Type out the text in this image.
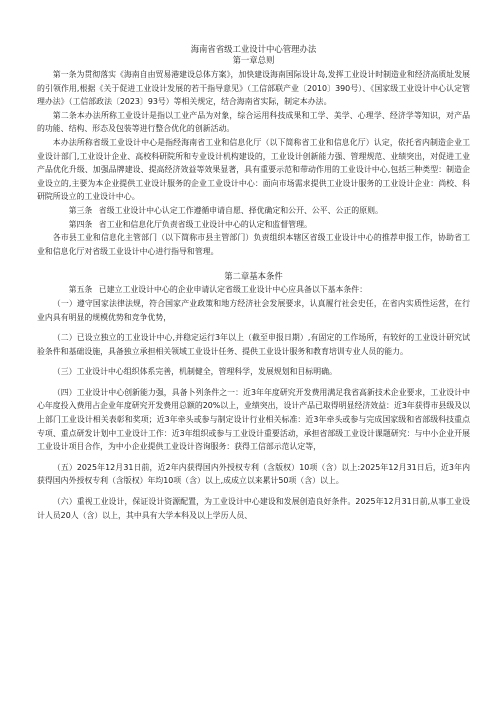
海南省省级工业设计中心管理办法
第一章总则

第一条为贯彻落实《海南自由贸易港建设总体方案》，加快建设海南国际设计岛,发挥工业设计时制造业和经济高质址发展的引领作用,根据《关于促进工业设计发展的若干指导意见》（工信部联产业〔2010〕390号）、《国家级工业设计中心认定管理办法》（工信部政法〔2023〕93号）等相关规定，结合海南省实际，制定本办法。

第二条本办法所称工业设计是指以工业产品为对象，综合运用科技成果和工学、美学、心理学、经济学等知识，对产品的功能、结构、形态及包装等进行整合优化的创新活动。

本办法所称省级工业设计中心是指经海南省工业和信息化厅（以下简称省工业和信息化厅）认定，依托省内制造企业工业设计部门,工业设计企业、高校科研院所和专业设计机构建设的，工业设计创新能力强、管理规范、业绩突出，对促进工业产品优化升级、加强品牌建设、提高经济效益等效果显著，具有重要示范和带动作用的工业设计中心,包括三种类型：制造企业设立的,主要为本企业提供工业设计服务的企业工业设计中心：面向市场需求提供工业设计服务的工业设计企业：尚校、科研院所设立的工业设计中心。

第三条 省级工业设计中心认定工作遵循申请自愿、择优确定和公开、公平、公正的原则。

第四条 省工业和信息化厅负责省级工业设计中心的认定和监督管理。

各市县工业和信息化主管部门（以下简称市县主管部门）负责组织本辖区省级工业设计中心的推荐申报工作，协助省工业和信息化厅对省级工业设计中心进行指导和管理。

第二章基本条件

第五条 已建立工业设计中心的企业申请认定省级工业设计中心应具备以下基本条件：

（一）遵守国家法律法规，符合国家产业政策和地方经济社会发展要求，认真履行社会史任，在省内实质性运营，在行业内具有明显的规模优势和竞争优势，

（二）已设立独立的工业设计中心,并稳定运行3年以上（截至申报日期）,有固定的工作场所，有较好的工业设计研究试验条件和基础设施，具备独立承担相关领域工业设计任务、提供工业设计服务和教育培训专业人员的能力。

（三）工业设计中心组织体系完善，机制健全，管理科学，发展规划和目标明确。

（四）工业设计中心创新能力强，具备卜列条件之一：近3年年度研究开发费用满足我省高新技术企业要求，工业设计中心年度投入费用占企业年度研究开发费用总额的20%以上，业绩突出，设计产品已取得明显经济效益：近3年获得市县级及以上部门工业设计相关表彰和奖项；近3年牵头或参与制定设计行业相关标准：近3年牵头或参与完成国家级和省部级科技重点专项、重点研发计划中工业设计工作：近3年组织或参与工业设计重要活动，承担省部级工业设计课题研究：与中小企业开展工业设计项目合作，为中小企业提供工业设计咨询服务：获得工信部示范认定等，

（五）2025年12月31日前，近2年内获得国内外授权专利（含版权）10项（含）以上:2025年12月31日后，近3年内获得国内外授权专利（含版权）年均10项（含）以上,成成立以来累计50项（含）以上。

（六）重视工业设计，保证设计资源配置，为工业设计中心建设和发展创造良好条件。2025年12月31日前,从事工业设计人员20人（含）以上，其中具有大学本科及以上学历人员、
